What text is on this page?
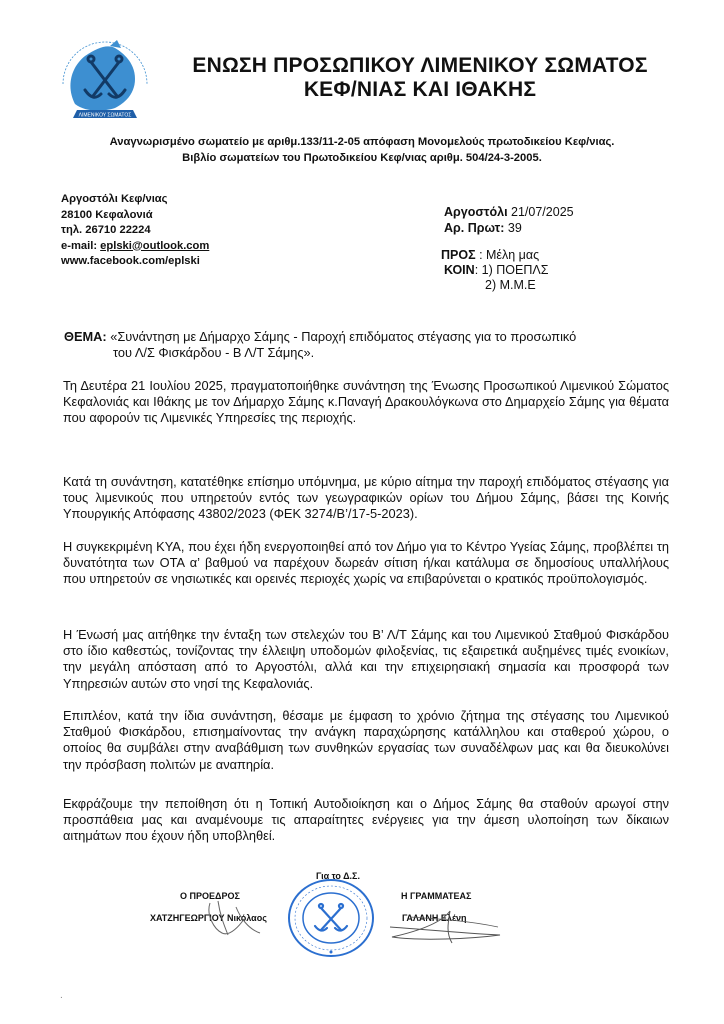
ΛΙΜΕΝΙΚΟΥ ΣΩΜΑΤΟΣ
ΕΝΩΣΗ ΠΡΟΣΩΠΙΚΟΥ ΛΙΜΕΝΙΚΟΥ ΣΩΜΑΤΟΣ
ΚΕΦ/ΝΙΑΣ ΚΑΙ ΙΘΑΚΗΣ
Αναγνωρισμένο σωματείο με αριθμ.133/11-2-05 απόφαση Μονομελούς πρωτοδικείου Κεφ/νιας.
Βιβλίο σωματείων του Πρωτοδικείου Κεφ/νιας αριθμ. 504/24-3-2005.
Αργοστόλι Κεφ/νιας
28100 Κεφαλονιά
τηλ. 26710 22224
e-mail: eplski@outlook.com
www.facebook.com/eplski
Αργοστόλι 21/07/2025
Αρ. Πρωτ: 39
ΠΡΟΣ : Μέλη μας
ΚΟΙΝ: 1) ΠΟΕΠΛΣ
2) Μ.Μ.Ε
ΘΕΜΑ: «Συνάντηση με Δήμαρχο Σάμης - Παροχή επιδόματος στέγασης για το προσωπικό
του Λ/Σ Φισκάρδου - Β Λ/Τ Σάμης».

Τη Δευτέρα 21 Ιουλίου 2025, πραγματοποιήθηκε συνάντηση της Ένωσης Προσωπικού Λιμενικού Σώματος Κεφαλονιάς και Ιθάκης με τον Δήμαρχο Σάμης κ.Παναγή Δρακουλόγκωνα στο Δημαρχείο Σάμης για θέματα που αφορούν τις Λιμενικές Υπηρεσίες της περιοχής.

Κατά τη συνάντηση, κατατέθηκε επίσημο υπόμνημα, με κύριο αίτημα την παροχή επιδόματος στέγασης για τους λιμενικούς που υπηρετούν εντός των γεωγραφικών ορίων του Δήμου Σάμης, βάσει της Κοινής Υπουργικής Απόφασης 43802/2023 (ΦΕΚ 3274/Β’/17-5-2023).

Η συγκεκριμένη ΚΥΑ, που έχει ήδη ενεργοποιηθεί από τον Δήμο για το Κέντρο Υγείας Σάμης, προβλέπει τη δυνατότητα των ΟΤΑ α’ βαθμού να παρέχουν δωρεάν σίτιση ή/και κατάλυμα σε δημοσίους υπαλλήλους που υπηρετούν σε νησιωτικές και ορεινές περιοχές χωρίς να επιβαρύνεται ο κρατικός προϋπολογισμός.

Η Ένωσή μας αιτήθηκε την ένταξη των στελεχών του Β’ Λ/Τ Σάμης και του Λιμενικού Σταθμού Φισκάρδου στο ίδιο καθεστώς, τονίζοντας την έλλειψη υποδομών φιλοξενίας, τις εξαιρετικά αυξημένες τιμές ενοικίων, την μεγάλη απόσταση από το Αργοστόλι, αλλά και την επιχειρησιακή σημασία και προσφορά των Υπηρεσιών αυτών στο νησί της Κεφαλονιάς.

Επιπλέον, κατά την ίδια συνάντηση, θέσαμε με έμφαση το χρόνιο ζήτημα της στέγασης του Λιμενικού Σταθμού Φισκάρδου, επισημαίνοντας την ανάγκη παραχώρησης κατάλληλου και σταθερού χώρου, ο οποίος θα συμβάλει στην αναβάθμιση των συνθηκών εργασίας των συναδέλφων μας και θα διευκολύνει την πρόσβαση πολιτών με αναπηρία.

Εκφράζουμε την πεποίθηση ότι η Τοπική Αυτοδιοίκηση και ο Δήμος Σάμης θα σταθούν αρωγοί στην προσπάθεια μας και αναμένουμε τις απαραίτητες ενέργειες για την άμεση υλοποίηση των δίκαιων αιτημάτων που έχουν ήδη υποβληθεί.

Για το Δ.Σ.
Ο ΠΡΟΕΔΡΟΣ
ΧΑΤΖΗΓΕΩΡΓΙΟΥ Νικόλαος
Η ΓΡΑΜΜΑΤΕΑΣ
ΓΑΛΑΝΗ Ελένη
.
